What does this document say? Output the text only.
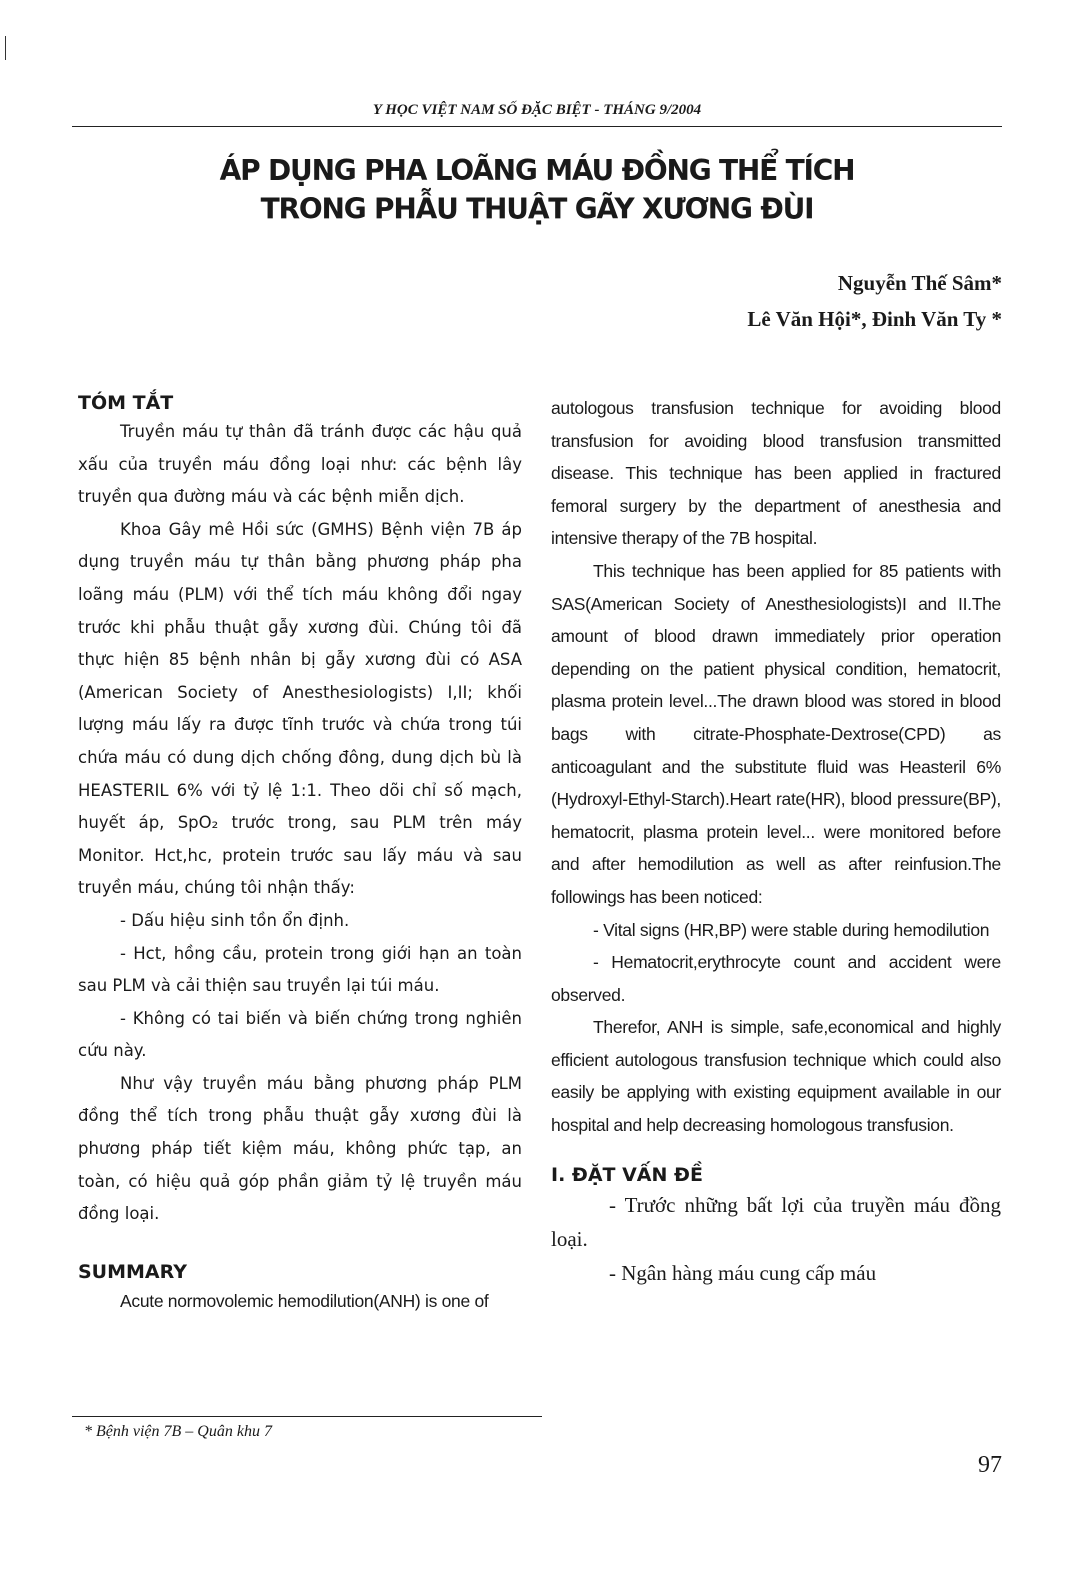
Y HỌC VIỆT NAM SỐ ĐẶC BIỆT - THÁNG 9/2004
ÁP DỤNG PHA LOÃNG MÁU ĐỒNG THỂ TÍCH
TRONG PHẪU THUẬT GÃY XƯƠNG ĐÙI
Nguyễn Thế Sâm*
Lê Văn Hội*, Đinh Văn Ty *
TÓM TẮT

Truyền máu tự thân đã tránh được các hậu quả xấu của truyền máu đồng loại như: các bệnh lây truyền qua đường máu và các bệnh miễn dịch.

Khoa Gây mê Hồi sức (GMHS) Bệnh viện 7B áp dụng truyền máu tự thân bằng phương pháp pha loãng máu (PLM) với thể tích máu không đổi ngay trước khi phẫu thuật gẫy xương đùi. Chúng tôi đã thực hiện 85 bệnh nhân bị gẫy xương đùi có ASA (American Society of Anesthesiologists) I,II; khối lượng máu lấy ra được tĩnh trước và chứa trong túi chứa máu có dung dịch chống đông, dung dịch bù là HEASTERIL 6% với tỷ lệ 1:1. Theo dõi chỉ số mạch, huyết áp, SpO₂ trước trong, sau PLM trên máy Monitor. Hct,hc, protein trước sau lấy máu và sau truyền máu, chúng tôi nhận thấy:

- Dấu hiệu sinh tồn ổn định.

- Hct, hồng cầu, protein trong giới hạn an toàn sau PLM và cải thiện sau truyền lại túi máu.

- Không có tai biến và biến chứng trong nghiên cứu này.

Như vậy truyền máu bằng phương pháp PLM đồng thể tích trong phẫu thuật gẫy xương đùi là phương pháp tiết kiệm máu, không phức tạp, an toàn, có hiệu quả góp phần giảm tỷ lệ truyền máu đồng loại.

SUMMARY

Acute normovolemic hemodilution(ANH) is one of

autologous transfusion technique for avoiding blood transfusion for avoiding blood transfusion transmitted disease. This technique has been applied in fractured femoral surgery by the department of anesthesia and intensive therapy of the 7B hospital.

This technique has been applied for 85 patients with SAS(American Society of Anesthesiologists)I and II.The amount of blood drawn immediately prior operation depending on the patient physical condition, hematocrit, plasma protein level...The drawn blood was stored in blood bags with citrate-Phosphate-Dextrose(CPD) as anticoagulant and the substitute fluid was Heasteril 6%(Hydroxyl-Ethyl-Starch).Heart rate(HR), blood pressure(BP), hematocrit, plasma protein level... were monitored before and after hemodilution as well as after reinfusion.The followings has been noticed:

- Vital signs (HR,BP) were stable during hemodilution

- Hematocrit,erythrocyte count and accident were observed.

Therefor, ANH is simple, safe,economical and highly efficient autologous transfusion technique which could also easily be applying with existing equipment available in our hospital and help decreasing homologous transfusion.

I. ĐẶT VẤN ĐỀ

- Trước những bất lợi của truyền máu đồng loại.

- Ngân hàng máu cung cấp máu

* Bệnh viện 7B – Quân khu 7
97
